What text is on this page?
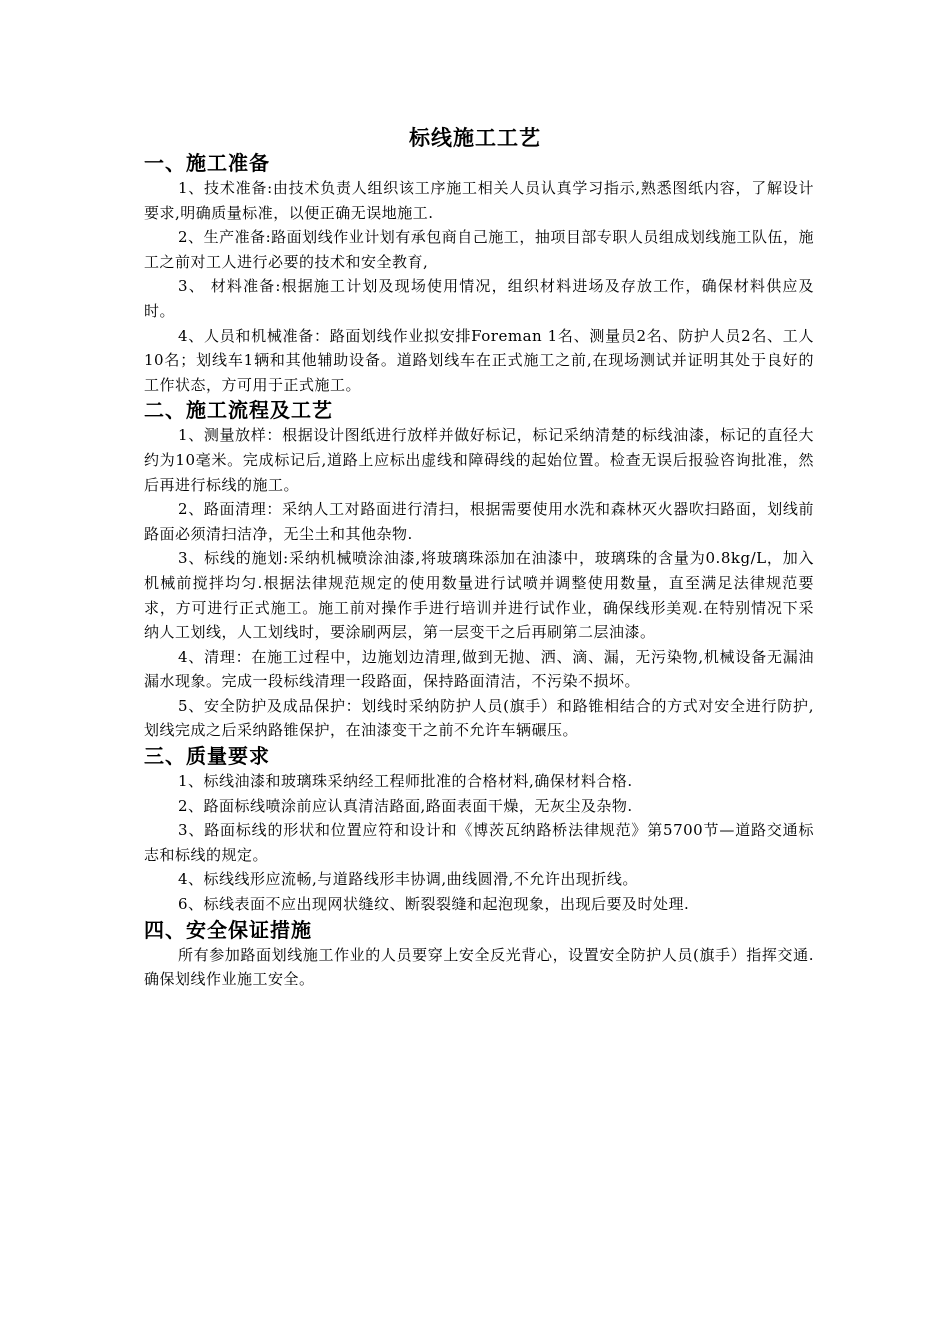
标线施工工艺
一、施工准备
1、技术准备:由技术负责人组织该工序施工相关人员认真学习指示,熟悉图纸内容，了解设计要求,明确质量标准，以便正确无误地施工.
2、生产准备:路面划线作业计划有承包商自己施工，抽项目部专职人员组成划线施工队伍，施工之前对工人进行必要的技术和安全教育,
3、 材料准备:根据施工计划及现场使用情况，组织材料进场及存放工作，确保材料供应及时。
4、人员和机械准备：路面划线作业拟安排Foreman 1名、测量员2名、防护人员2名、工人10名；划线车1辆和其他辅助设备。道路划线车在正式施工之前,在现场测试并证明其处于良好的工作状态，方可用于正式施工。
二、施工流程及工艺
1、测量放样：根据设计图纸进行放样并做好标记，标记采纳清楚的标线油漆，标记的直径大约为10毫米。完成标记后,道路上应标出虚线和障碍线的起始位置。检查无误后报验咨询批准，然后再进行标线的施工。
2、路面清理：采纳人工对路面进行清扫，根据需要使用水洗和森林灭火器吹扫路面，划线前路面必须清扫洁净，无尘土和其他杂物.
3、标线的施划:采纳机械喷涂油漆,将玻璃珠添加在油漆中，玻璃珠的含量为0.8kg/L，加入机械前搅拌均匀.根据法律规范规定的使用数量进行试喷并调整使用数量，直至满足法律规范要求，方可进行正式施工。施工前对操作手进行培训并进行试作业，确保线形美观.在特别情况下采纳人工划线，人工划线时，要涂刷两层，第一层变干之后再刷第二层油漆。
4、清理：在施工过程中，边施划边清理,做到无抛、洒、滴、漏，无污染物,机械设备无漏油漏水现象。完成一段标线清理一段路面，保持路面清洁，不污染不损坏。
5、安全防护及成品保护：划线时采纳防护人员(旗手）和路锥相结合的方式对安全进行防护,划线完成之后采纳路锥保护，在油漆变干之前不允许车辆碾压。
三、质量要求
1、标线油漆和玻璃珠采纳经工程师批准的合格材料,确保材料合格.
2、路面标线喷涂前应认真清洁路面,路面表面干燥，无灰尘及杂物.
3、路面标线的形状和位置应符和设计和《博茨瓦纳路桥法律规范》第5700节—道路交通标志和标线的规定。
4、标线线形应流畅,与道路线形丰协调,曲线圆滑,不允许出现折线。
6、标线表面不应出现网状缝纹、断裂裂缝和起泡现象，出现后要及时处理.
四、安全保证措施
所有参加路面划线施工作业的人员要穿上安全反光背心，设置安全防护人员(旗手）指挥交通.确保划线作业施工安全。
